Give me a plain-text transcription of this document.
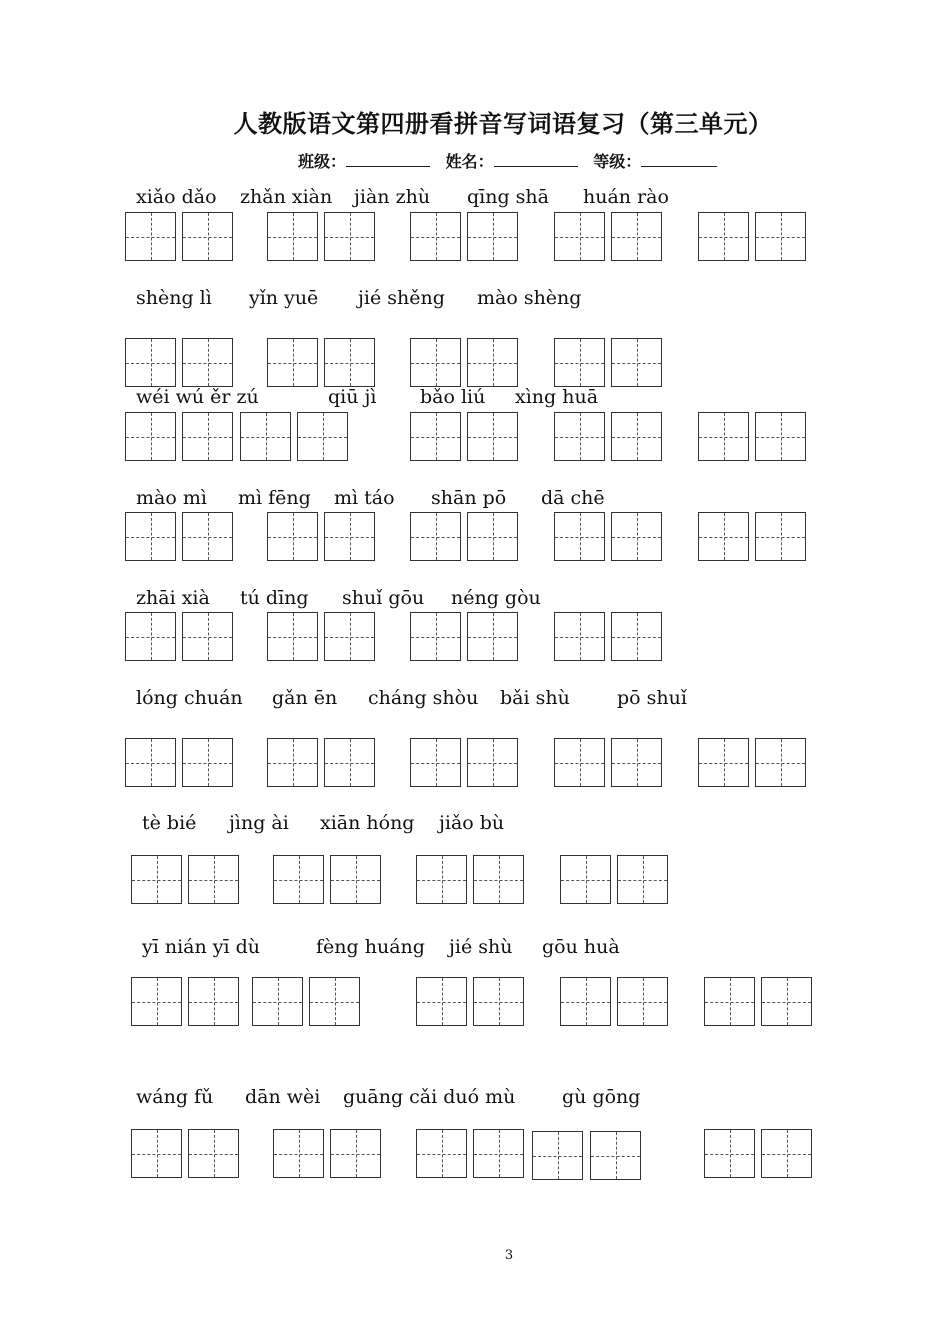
人教版语文第四册看拼音写词语复习（第三单元）
班级：	姓名：	等级：
xiǎo dǎo zhǎn xiàn jiàn zhù qīng shā huán rào
shèng lì yǐn yuē jié shěng mào shèng
wéi wú ěr zú	qiū jì bǎo liú xìng huā
mào mì mì fēng mì táo shān pō dā chē
zhāi xià tú dīng shuǐ gōu néng gòu
lóng chuán gǎn ēn cháng shòu bǎi shù pō shuǐ
tè bié jìng ài xiān hóng jiǎo bù
yī nián yī dù	fèng huáng jié shù gōu huà
wáng fǔ dān wèi guāng cǎi duó mù gù gōng
3
